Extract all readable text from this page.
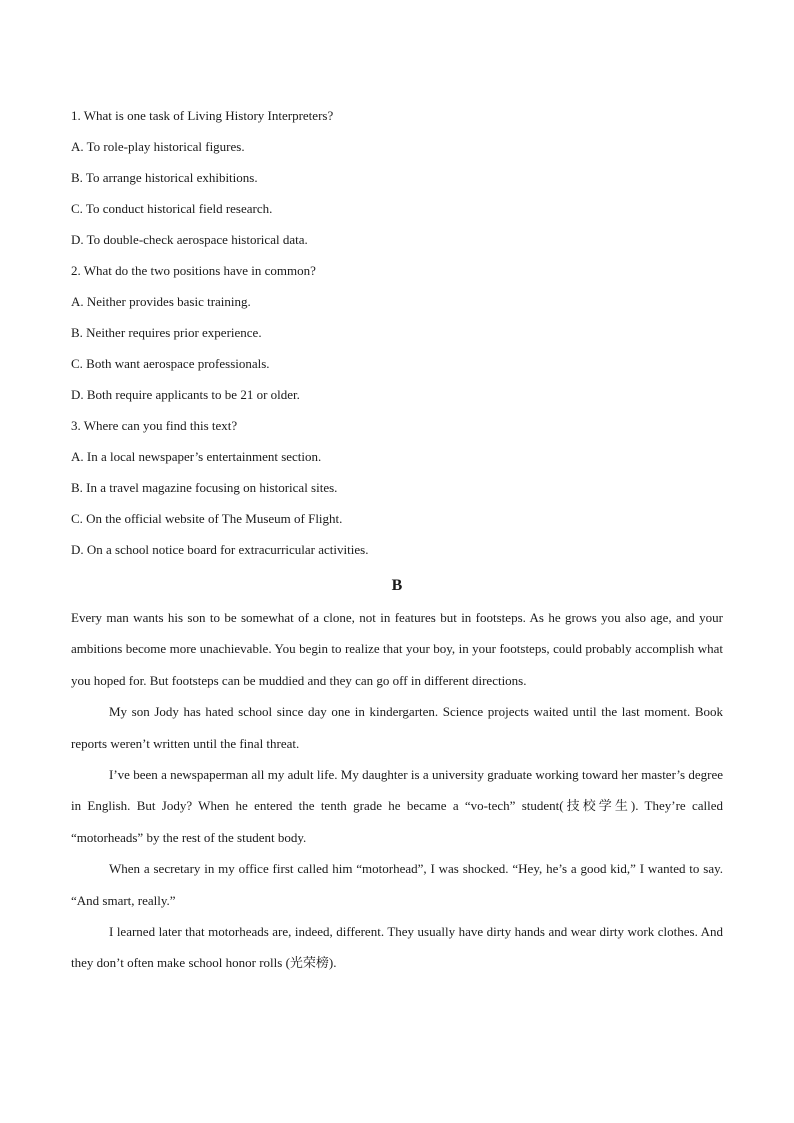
1. What is one task of Living History Interpreters?
A. To role-play historical figures.
B. To arrange historical exhibitions.
C. To conduct historical field research.
D. To double-check aerospace historical data.
2. What do the two positions have in common?
A. Neither provides basic training.
B. Neither requires prior experience.
C. Both want aerospace professionals.
D. Both require applicants to be 21 or older.
3. Where can you find this text?
A. In a local newspaper’s entertainment section.
B. In a travel magazine focusing on historical sites.
C. On the official website of The Museum of Flight.
D. On a school notice board for extracurricular activities.
B

Every man wants his son to be somewhat of a clone, not in features but in footsteps. As he grows you also age, and your ambitions become more unachievable. You begin to realize that your boy, in your footsteps, could probably accomplish what you hoped for. But footsteps can be muddied and they can go off in different directions.

My son Jody has hated school since day one in kindergarten. Science projects waited until the last moment. Book reports weren’t written until the final threat.

I’ve been a newspaperman all my adult life. My daughter is a university graduate working toward her master’s degree in English. But Jody? When he entered the tenth grade he became a “vo-tech” student(技校学生). They’re called “motorheads” by the rest of the student body.

When a secretary in my office first called him “motorhead”, I was shocked. “Hey, he’s a good kid,” I wanted to say. “And smart, really.”

I learned later that motorheads are, indeed, different. They usually have dirty hands and wear dirty work clothes. And they don’t often make school honor rolls (光荣榜).
